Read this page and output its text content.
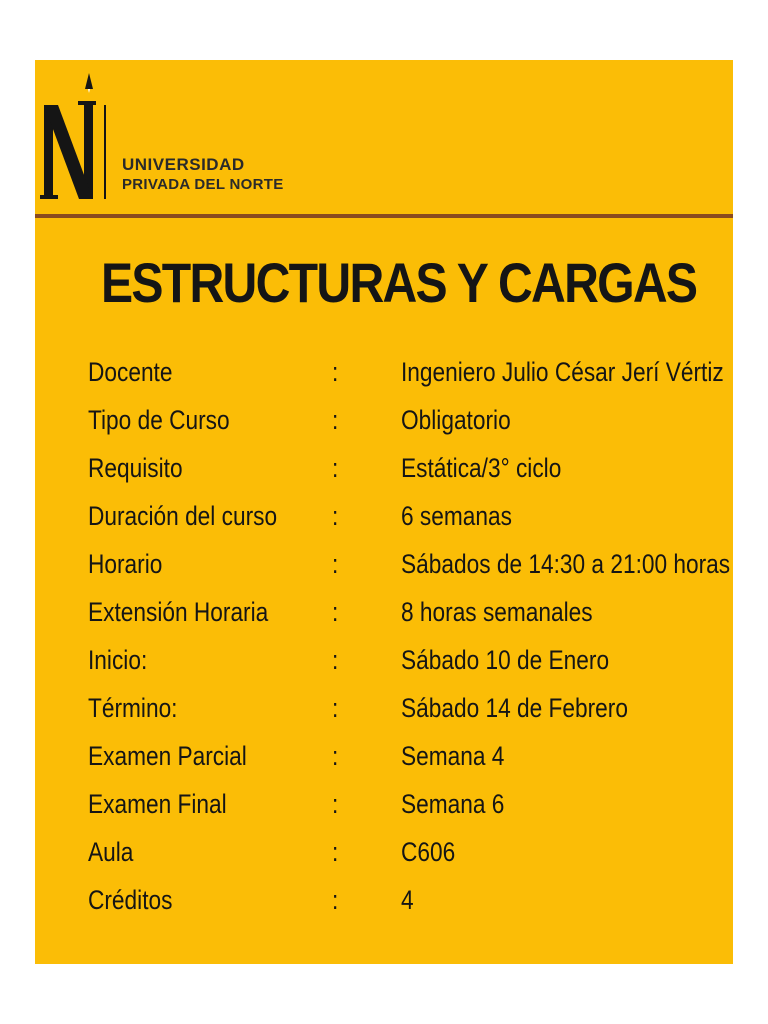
UNIVERSIDAD
PRIVADA DEL NORTE
ESTRUCTURAS Y CARGAS
Docente	: Ingeniero Julio César Jerí Vértiz
Tipo de Curso	: Obligatorio
Requisito	: Estática/3° ciclo
Duración del curso : 6 semanas
Horario	: Sábados de 14:30 a 21:00 horas
Extensión Horaria : 8 horas semanales
Inicio:	: Sábado 10 de Enero
Término:	: Sábado 14 de Febrero
Examen Parcial	: Semana 4
Examen Final	: Semana 6
Aula	: C606
Créditos	: 4
